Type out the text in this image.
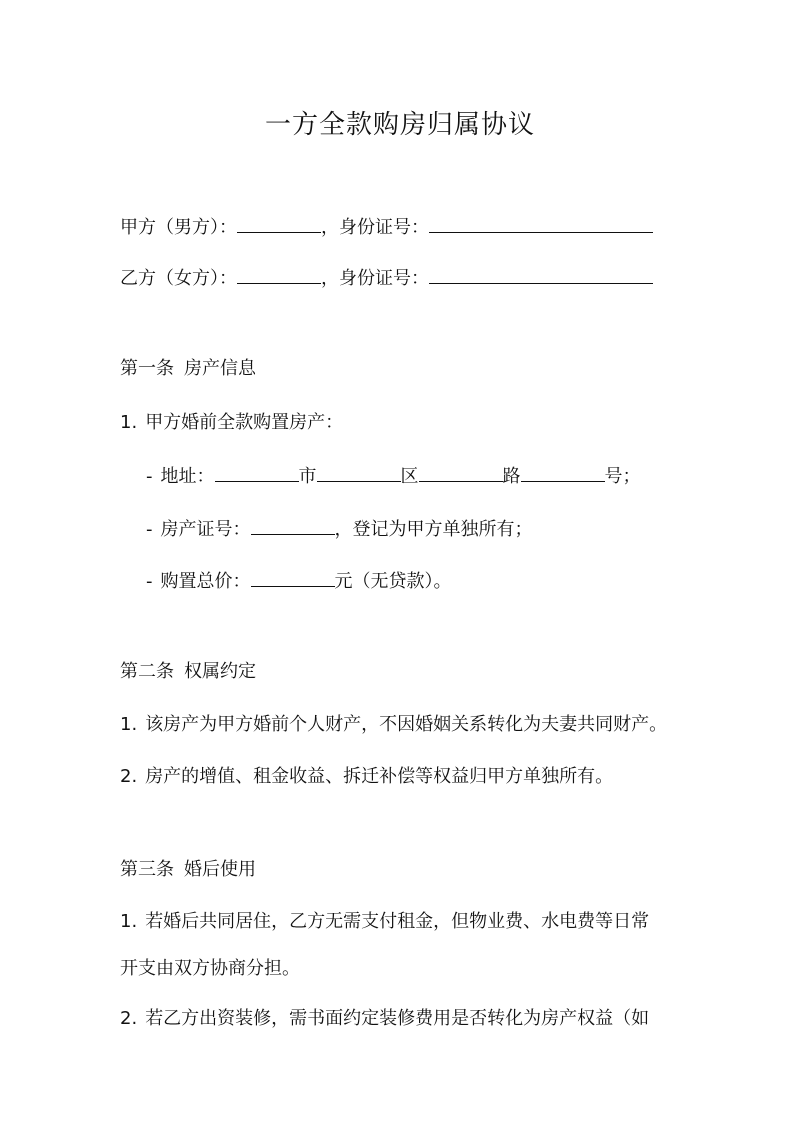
一方全款购房归属协议
甲方（男方）：	，身份证号：
乙方（女方）：	，身份证号：
第一条 房产信息
1. 甲方婚前全款购置房产：
- 地址：	市	区	路	号；
- 房产证号：	，登记为甲方单独所有；
- 购置总价：	元（无贷款）。
第二条 权属约定
1. 该房产为甲方婚前个人财产，不因婚姻关系转化为夫妻共同财产。
2. 房产的增值、租金收益、拆迁补偿等权益归甲方单独所有。
第三条 婚后使用
1. 若婚后共同居住，乙方无需支付租金，但物业费、水电费等日常
开支由双方协商分担。
2. 若乙方出资装修，需书面约定装修费用是否转化为房产权益（如
